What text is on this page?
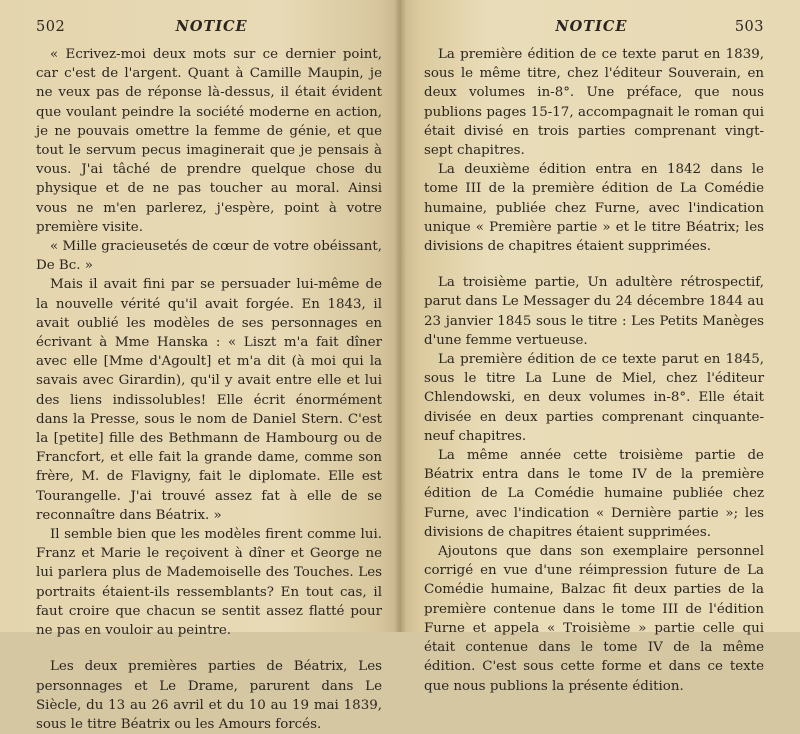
502	NOTICE

« Ecrivez-moi deux mots sur ce dernier point, car c'est de l'argent. Quant à Camille Maupin, je ne veux pas de réponse là-dessus, il était évident que voulant peindre la société moderne en action, je ne pouvais omettre la femme de génie, et que tout le servum pecus imaginerait que je pensais à vous. J'ai tâché de prendre quelque chose du physique et de ne pas toucher au moral. Ainsi vous ne m'en parlerez, j'espère, point à votre première visite.

« Mille gracieusetés de cœur de votre obéissant, De Bc. »

Mais il avait fini par se persuader lui-même de la nouvelle vérité qu'il avait forgée. En 1843, il avait oublié les modèles de ses personnages en écrivant à Mme Hanska : « Liszt m'a fait dîner avec elle [Mme d'Agoult] et m'a dit (à moi qui la savais avec Girardin), qu'il y avait entre elle et lui des liens indissolubles! Elle écrit énormément dans la Presse, sous le nom de Daniel Stern. C'est la [petite] fille des Bethmann de Hambourg ou de Francfort, et elle fait la grande dame, comme son frère, M. de Flavigny, fait le diplomate. Elle est Tourangelle. J'ai trouvé assez fat à elle de se reconnaître dans Béatrix. »

Il semble bien que les modèles firent comme lui. Franz et Marie le reçoivent à dîner et George ne lui parlera plus de Mademoiselle des Touches. Les portraits étaient-ils ressemblants? En tout cas, il faut croire que chacun se sentit assez flatté pour ne pas en vouloir au peintre.

Les deux premières parties de Béatrix, Les personnages et Le Drame, parurent dans Le Siècle, du 13 au 26 avril et du 10 au 19 mai 1839, sous le titre Béatrix ou les Amours forcés.

NOTICE	503

La première édition de ce texte parut en 1839, sous le même titre, chez l'éditeur Souverain, en deux volumes in-8°. Une préface, que nous publions pages 15-17, accompagnait le roman qui était divisé en trois parties comprenant vingt-sept chapitres.

La deuxième édition entra en 1842 dans le tome III de la première édition de La Comédie humaine, publiée chez Furne, avec l'indication unique « Première partie » et le titre Béatrix; les divisions de chapitres étaient supprimées.

La troisième partie, Un adultère rétrospectif, parut dans Le Messager du 24 décembre 1844 au 23 janvier 1845 sous le titre : Les Petits Manèges d'une femme vertueuse.

La première édition de ce texte parut en 1845, sous le titre La Lune de Miel, chez l'éditeur Chlendowski, en deux volumes in-8°. Elle était divisée en deux parties comprenant cinquante-neuf chapitres.

La même année cette troisième partie de Béatrix entra dans le tome IV de la première édition de La Comédie humaine publiée chez Furne, avec l'indication « Dernière partie »; les divisions de chapitres étaient supprimées.

Ajoutons que dans son exemplaire personnel corrigé en vue d'une réimpression future de La Comédie humaine, Balzac fit deux parties de la première contenue dans le tome III de l'édition Furne et appela « Troisième » partie celle qui était contenue dans le tome IV de la même édition. C'est sous cette forme et dans ce texte que nous publions la présente édition.
